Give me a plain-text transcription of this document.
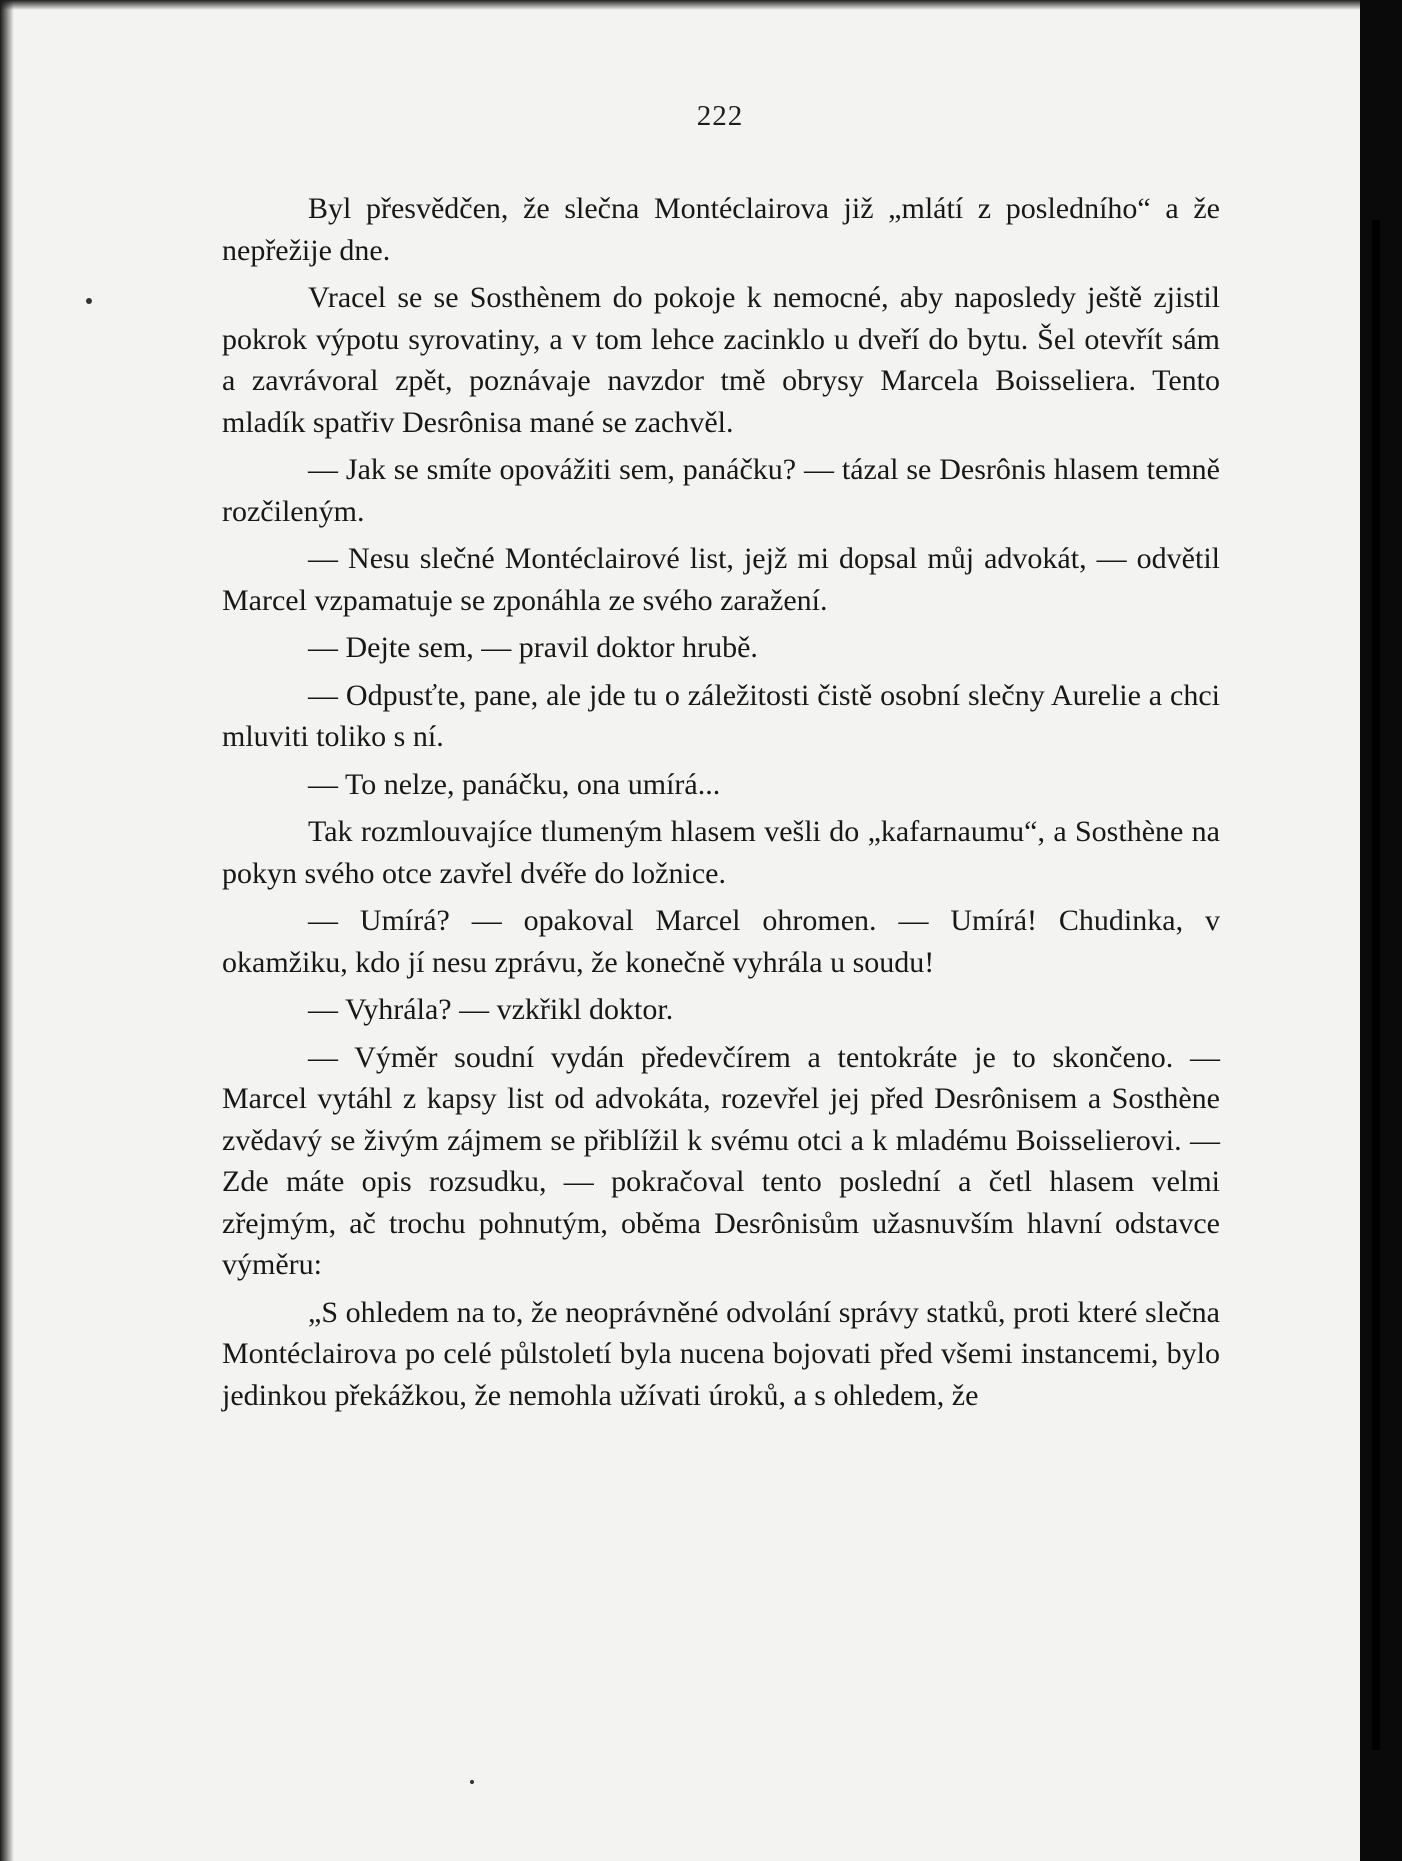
222

Byl přesvědčen, že slečna Montéclairova již „mlátí z posledního“ a že nepřežije dne.

Vracel se se Sosthènem do pokoje k nemocné, aby naposledy ještě zjistil pokrok výpotu syrovatiny, a v tom lehce zacinklo u dveří do bytu. Šel otevřít sám a zavrávoral zpět, poznávaje navzdor tmě obrysy Marcela Boisseliera. Tento mladík spatřiv Desrônisa mané se zachvěl.

— Jak se smíte opovážiti sem, panáčku? — tázal se Desrônis hlasem temně rozčileným.

— Nesu slečné Montéclairové list, jejž mi dopsal můj advokát, — odvětil Marcel vzpamatuje se zponáhla ze svého zaražení.

— Dejte sem, — pravil doktor hrubě.

— Odpusťte, pane, ale jde tu o záležitosti čistě osobní slečny Aurelie a chci mluviti toliko s ní.

— To nelze, panáčku, ona umírá...

Tak rozmlouvajíce tlumeným hlasem vešli do „kafarnaumu“, a Sosthène na pokyn svého otce zavřel dvéře do ložnice.

— Umírá? — opakoval Marcel ohromen. — Umírá! Chudinka, v okamžiku, kdo jí nesu zprávu, že konečně vyhrála u soudu!

— Vyhrála? — vzkřikl doktor.

— Výměr soudní vydán předevčírem a tentokráte je to skončeno. — Marcel vytáhl z kapsy list od advokáta, rozevřel jej před Desrônisem a Sosthène zvědavý se živým zájmem se přiblížil k svému otci a k mladému Boisselierovi. — Zde máte opis rozsudku, — pokračoval tento poslední a četl hlasem velmi zřejmým, ač trochu pohnutým, oběma Desrônisům užasnuvším hlavní odstavce výměru:

„S ohledem na to, že neoprávněné odvolání správy statků, proti které slečna Montéclairova po celé půlstoletí byla nucena bojovati před všemi instancemi, bylo jedinkou překážkou, že nemohla užívati úroků, a s ohledem, že
